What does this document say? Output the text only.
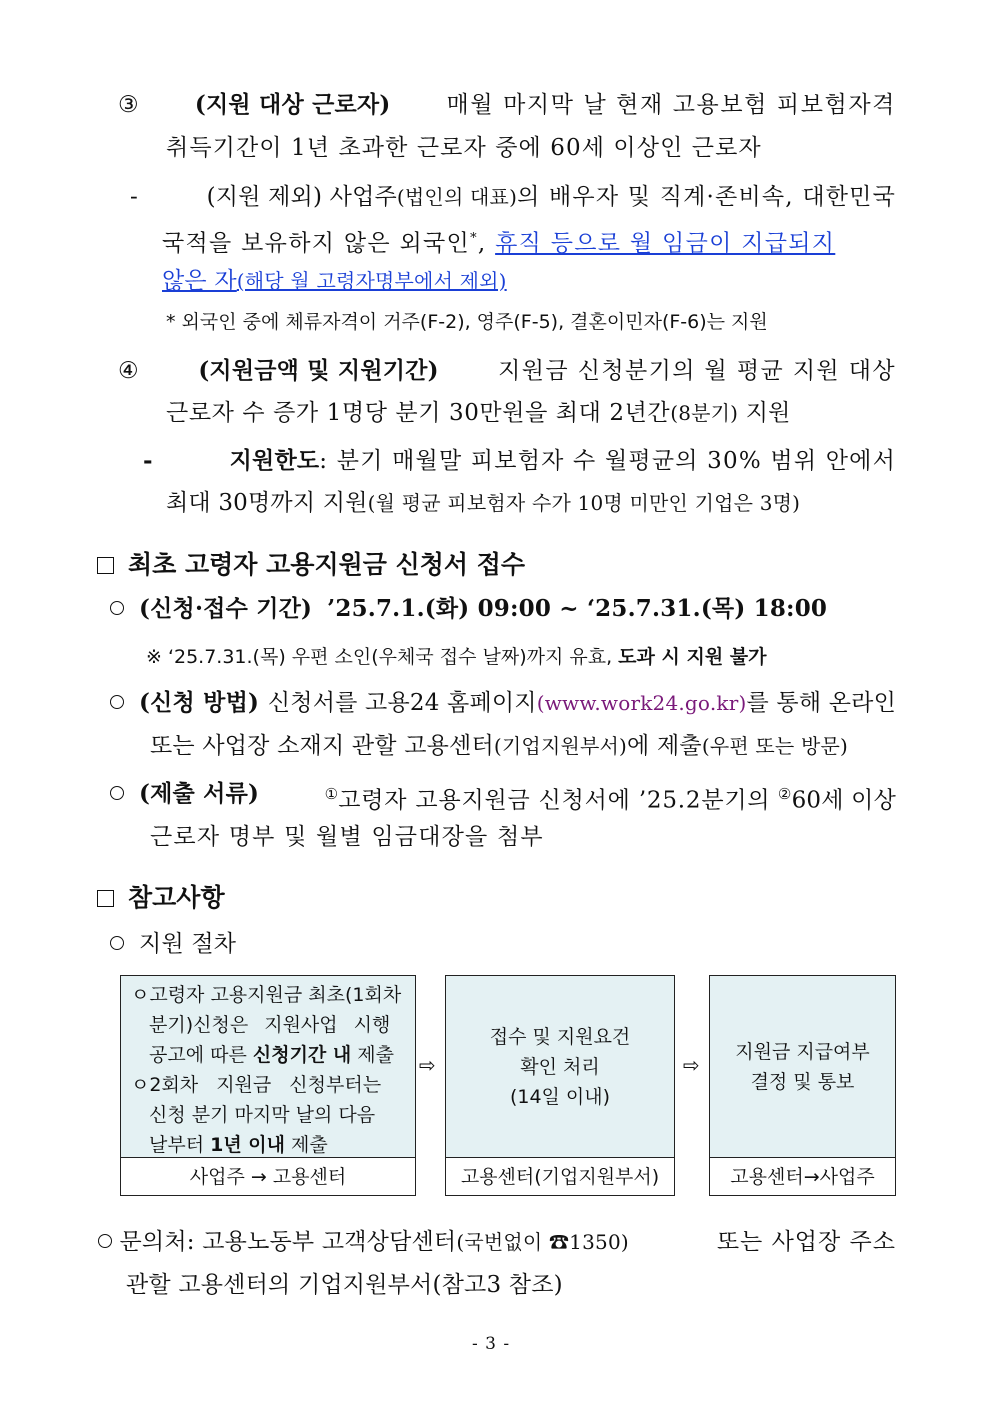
③ (지원 대상 근로자) 매월 마지막 날 현재 고용보험 피보험자격
취득기간이 1년 초과한 근로자 중에 60세 이상인 근로자
-	(지원 제외) 사업주(법인의 대표)의 배우자 및 직계·존비속, 대한민국
국적을 보유하지 않은 외국인*, 휴직 등으로 월 임금이 지급되지
않은 자(해당 월 고령자명부에서 제외)
* 외국인 중에 체류자격이 거주(F-2), 영주(F-5), 결혼이민자(F-6)는 지원
④	(지원금액 및 지원기간)	지원금 신청분기의 월 평균 지원 대상
근로자 수 증가 1명당 분기 30만원을 최대 2년간(8분기) 지원
-	지원한도: 분기 매월말 피보험자 수 월평균의 30% 범위 안에서
최대 30명까지 지원(월 평균 피보험자 수가 10명 미만인 기업은 3명)
최초 고령자 고용지원금 신청서 접수
(신청·접수 기간) ’25.7.1.(화) 09:00 ~ ‘25.7.31.(목) 18:00
※ ‘25.7.31.(목) 우편 소인(우체국 접수 날짜)까지 유효, 도과 시 지원 불가
(신청 방법) 신청서를 고용24 홈페이지(www.work24.go.kr)를 통해 온라인
또는 사업장 소재지 관할 고용센터(기업지원부서)에 제출(우편 또는 방문)
(제출 서류)	①고령자 고용지원금 신청서에 ’25.2분기의 ②60세 이상
근로자 명부 및 월별 임금대장을 첨부
참고사항
지원 절차
ㅇ고령자 고용지원금 최초(1회차
분기)신청은 지원사업 시행
공고에 따른 신청기간 내 제출
ㅇ2회차 지원금 신청부터는
신청 분기 마지막 날의 다음
날부터 1년 이내 제출
사업주 → 고용센터
⇨
접수 및 지원요건
확인 처리
(14일 이내)
고용센터(기업지원부서)
⇨
지원금 지급여부
결정 및 통보
고용센터→사업주
문의처: 고용노동부 고객상담센터(국번없이 ☎1350)	또는 사업장 주소
관할 고용센터의 기업지원부서(참고3 참조)
- 3 -
